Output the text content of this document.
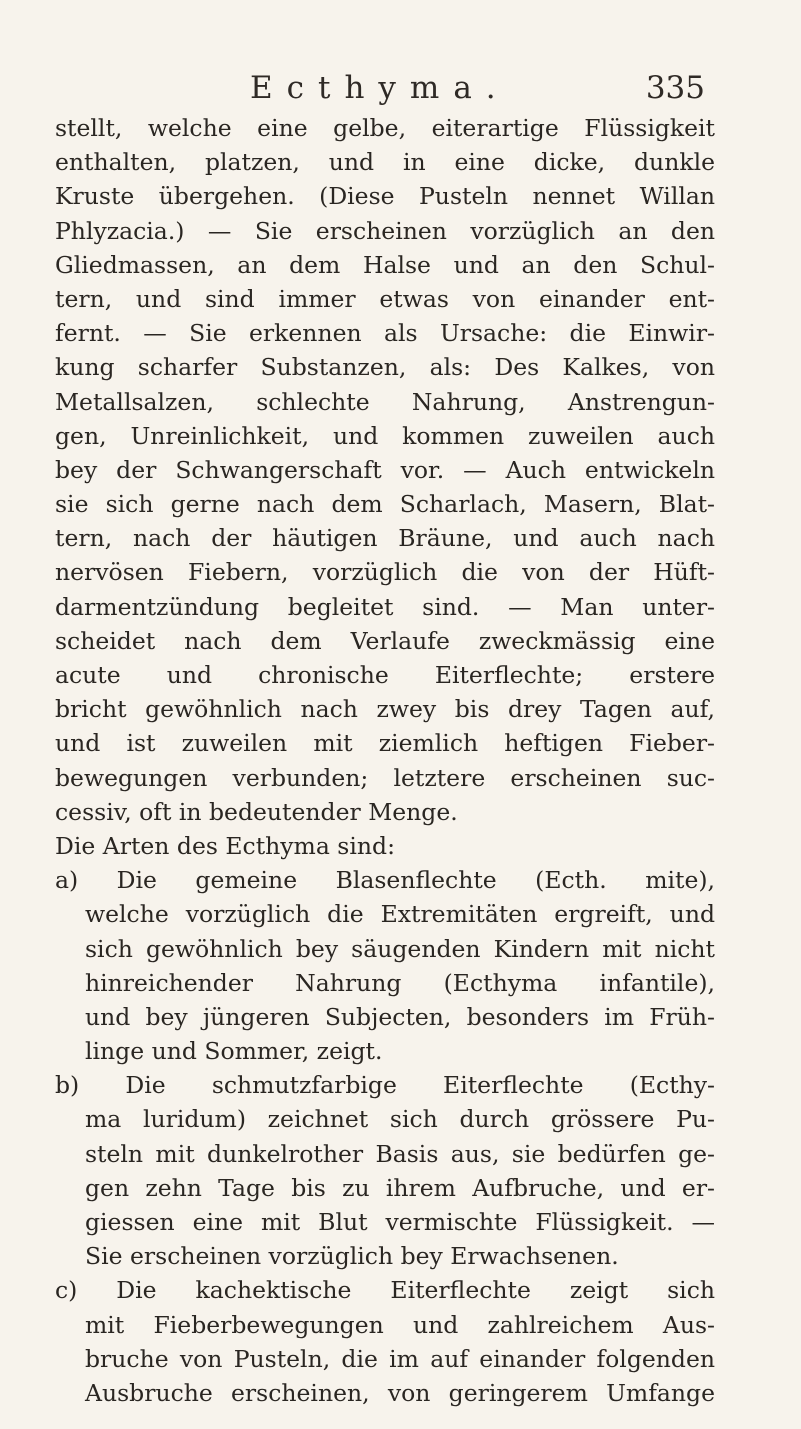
Ecthyma.	335
stellt, welche eine gelbe, eiterartige Flüssigkeit
enthalten, platzen, und in eine dicke, dunkle
Kruste übergehen. (Diese Pusteln nennet Willan
Phlyzacia.) — Sie erscheinen vorzüglich an den
Gliedmassen, an dem Halse und an den Schul-
tern, und sind immer etwas von einander ent-
fernt. — Sie erkennen als Ursache: die Einwir-
kung scharfer Substanzen, als: Des Kalkes, von
Metallsalzen, schlechte Nahrung, Anstrengun-
gen, Unreinlichkeit, und kommen zuweilen auch
bey der Schwangerschaft vor. — Auch entwickeln
sie sich gerne nach dem Scharlach, Masern, Blat-
tern, nach der häutigen Bräune, und auch nach
nervösen Fiebern, vorzüglich die von der Hüft-
darmentzündung begleitet sind. — Man unter-
scheidet nach dem Verlaufe zweckmässig eine
acute und chronische Eiterflechte; erstere
bricht gewöhnlich nach zwey bis drey Tagen auf,
und ist zuweilen mit ziemlich heftigen Fieber-
bewegungen verbunden; letztere erscheinen suc-
cessiv, oft in bedeutender Menge.
Die Arten des Ecthyma sind:
a) Die gemeine Blasenflechte (Ecth. mite),
welche vorzüglich die Extremitäten ergreift, und
sich gewöhnlich bey säugenden Kindern mit nicht
hinreichender Nahrung (Ecthyma infantile),
und bey jüngeren Subjecten, besonders im Früh-
linge und Sommer, zeigt.
b) Die schmutzfarbige Eiterflechte (Ecthy-
ma luridum) zeichnet sich durch grössere Pu-
steln mit dunkelrother Basis aus, sie bedürfen ge-
gen zehn Tage bis zu ihrem Aufbruche, und er-
giessen eine mit Blut vermischte Flüssigkeit. —
Sie erscheinen vorzüglich bey Erwachsenen.
c) Die kachektische Eiterflechte zeigt sich
mit Fieberbewegungen und zahlreichem Aus-
bruche von Pusteln, die im auf einander folgenden
Ausbruche erscheinen, von geringerem Umfange
